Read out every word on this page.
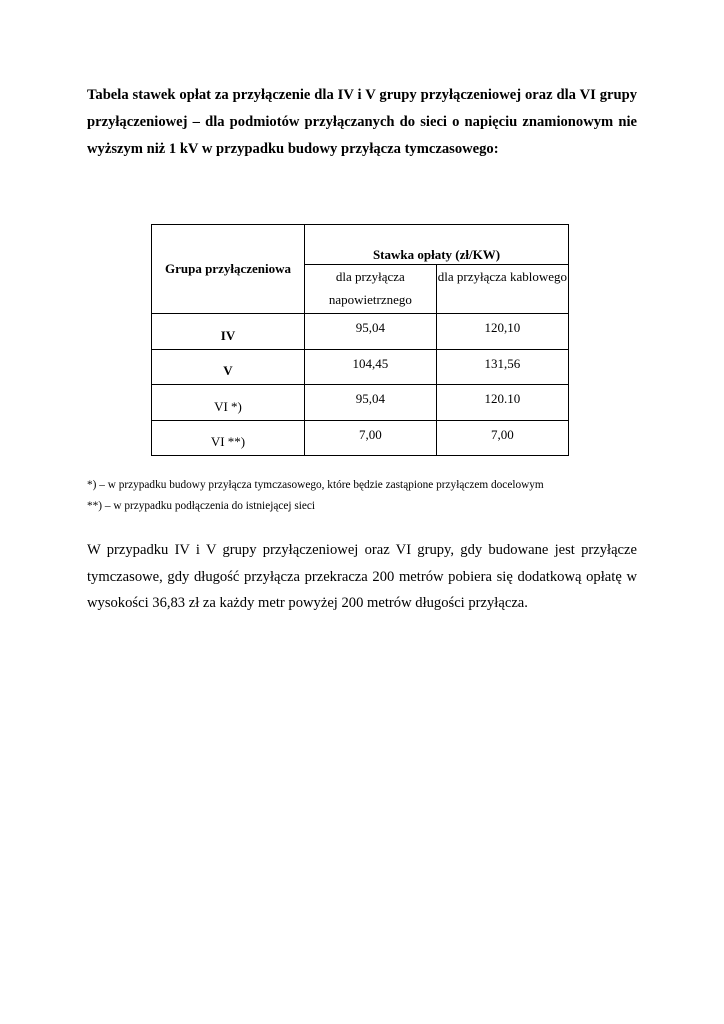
Tabela stawek opłat za przyłączenie dla IV i V grupy przyłączeniowej oraz dla VI grupy przyłączeniowej – dla podmiotów przyłączanych do sieci o napięciu znamionowym nie wyższym niż 1 kV w przypadku budowy przyłącza tymczasowego:
Grupa przyłączeniowa	Stawka opłaty (zł/KW)	
	dla przyłącza napowietrznego	dla przyłącza kablowego
IV	95,04	120,10
V	104,45	131,56
VI *)	95,04	120.10
VI **)	7,00	7,00
*) – w przypadku budowy przyłącza tymczasowego, które będzie zastąpione przyłączem docelowym
**) – w przypadku podłączenia do istniejącej sieci
W przypadku IV i V grupy przyłączeniowej oraz VI grupy, gdy budowane jest przyłącze tymczasowe, gdy długość przyłącza przekracza 200 metrów pobiera się dodatkową opłatę w wysokości 36,83 zł za każdy metr powyżej 200 metrów długości przyłącza.
